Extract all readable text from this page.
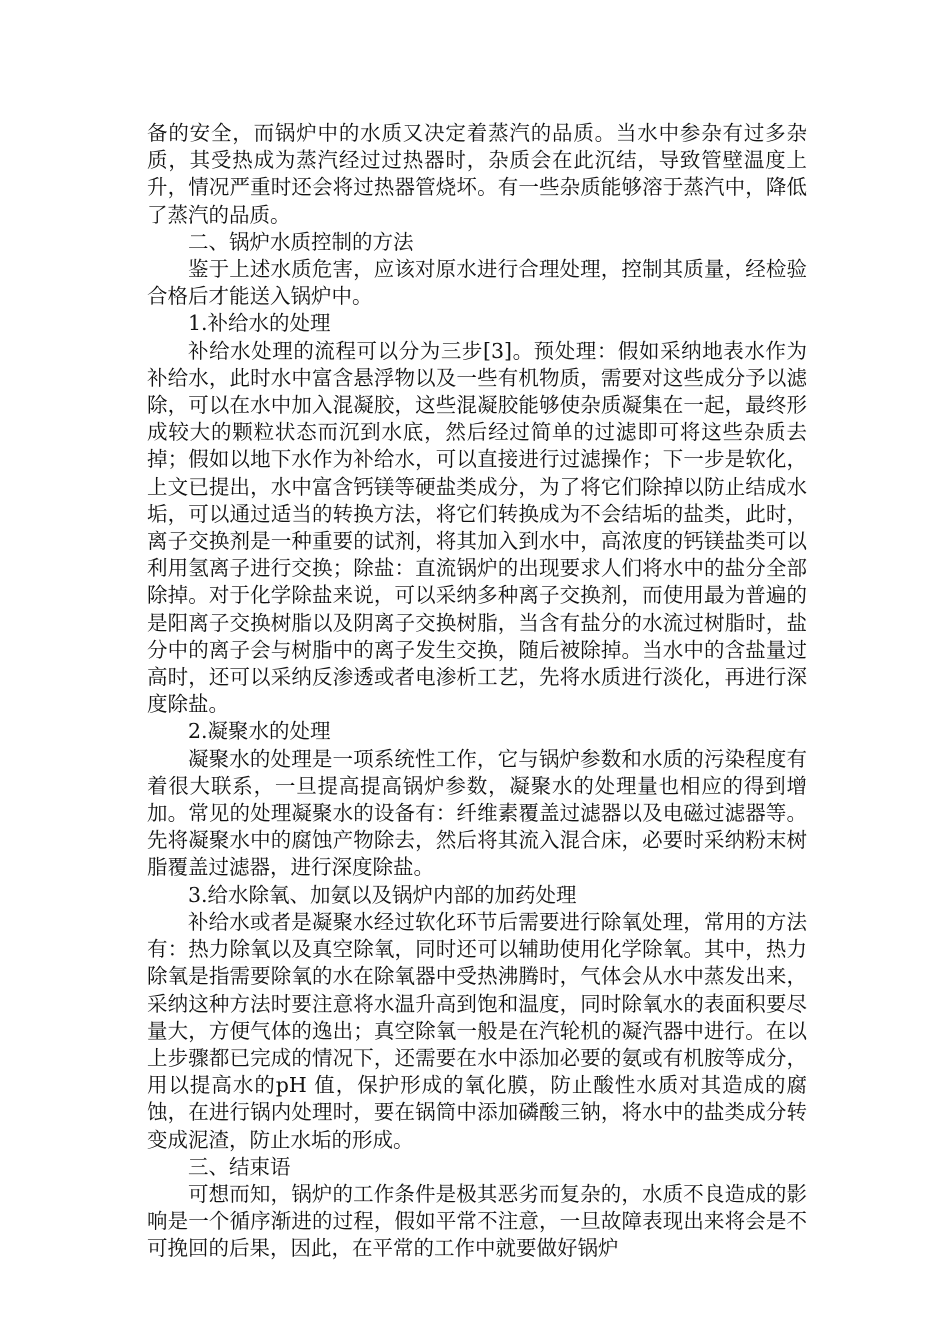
备的安全，而锅炉中的水质又决定着蒸汽的品质。当水中参杂有过多杂质，其受热成为蒸汽经过过热器时，杂质会在此沉结，导致管壁温度上升，情况严重时还会将过热器管烧坏。有一些杂质能够溶于蒸汽中，降低了蒸汽的品质。

二、锅炉水质控制的方法

鉴于上述水质危害，应该对原水进行合理处理，控制其质量，经检验合格后才能送入锅炉中。

1.补给水的处理

补给水处理的流程可以分为三步[3]。预处理：假如采纳地表水作为补给水，此时水中富含悬浮物以及一些有机物质，需要对这些成分予以滤除，可以在水中加入混凝胶，这些混凝胶能够使杂质凝集在一起，最终形成较大的颗粒状态而沉到水底，然后经过简单的过滤即可将这些杂质去掉；假如以地下水作为补给水，可以直接进行过滤操作；下一步是软化，上文已提出，水中富含钙镁等硬盐类成分，为了将它们除掉以防止结成水垢，可以通过适当的转换方法，将它们转换成为不会结垢的盐类，此时，离子交换剂是一种重要的试剂，将其加入到水中，高浓度的钙镁盐类可以利用氢离子进行交换；除盐：直流锅炉的出现要求人们将水中的盐分全部除掉。对于化学除盐来说，可以采纳多种离子交换剂，而使用最为普遍的是阳离子交换树脂以及阴离子交换树脂，当含有盐分的水流过树脂时，盐分中的离子会与树脂中的离子发生交换，随后被除掉。当水中的含盐量过高时，还可以采纳反渗透或者电渗析工艺，先将水质进行淡化，再进行深度除盐。

2.凝聚水的处理

凝聚水的处理是一项系统性工作，它与锅炉参数和水质的污染程度有着很大联系，一旦提高提高锅炉参数，凝聚水的处理量也相应的得到增加。常见的处理凝聚水的设备有：纤维素覆盖过滤器以及电磁过滤器等。先将凝聚水中的腐蚀产物除去，然后将其流入混合床，必要时采纳粉末树脂覆盖过滤器，进行深度除盐。

3.给水除氧、加氨以及锅炉内部的加药处理

补给水或者是凝聚水经过软化环节后需要进行除氧处理，常用的方法有：热力除氧以及真空除氧，同时还可以辅助使用化学除氧。其中，热力除氧是指需要除氧的水在除氧器中受热沸腾时，气体会从水中蒸发出来，采纳这种方法时要注意将水温升高到饱和温度，同时除氧水的表面积要尽量大，方便气体的逸出；真空除氧一般是在汽轮机的凝汽器中进行。在以上步骤都已完成的情况下，还需要在水中添加必要的氨或有机胺等成分，用以提高水的pH 值，保护形成的氧化膜，防止酸性水质对其造成的腐蚀，在进行锅内处理时，要在锅筒中添加磷酸三钠，将水中的盐类成分转变成泥渣，防止水垢的形成。

三、结束语

可想而知，锅炉的工作条件是极其恶劣而复杂的，水质不良造成的影响是一个循序渐进的过程，假如平常不注意，一旦故障表现出来将会是不可挽回的后果，因此，在平常的工作中就要做好锅炉
